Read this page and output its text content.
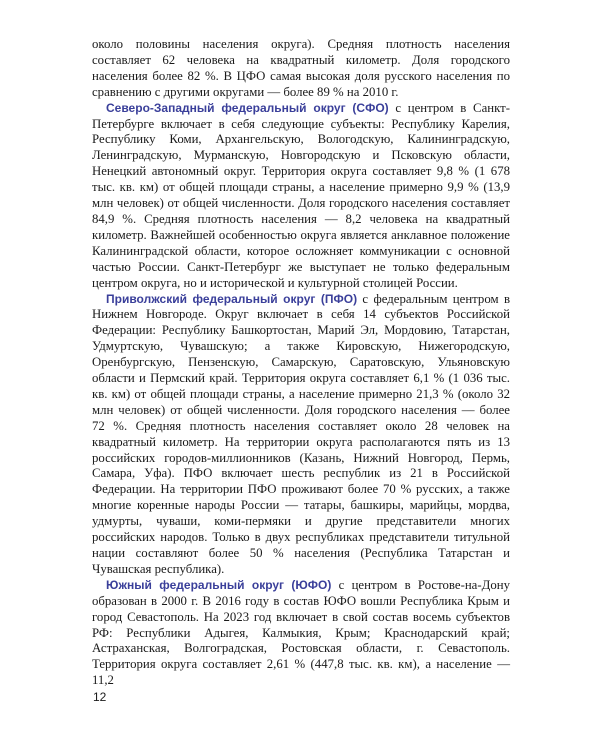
около половины населения округа). Средняя плотность населения составляет 62 человека на квадратный километр. Доля городского населения более 82 %. В ЦФО самая высокая доля русского населения по сравнению с другими округами — более 89 % на 2010 г.

Северо-Западный федеральный округ (СФО) с центром в Санкт-Петербурге включает в себя следующие субъекты: Республику Карелия, Республику Коми, Архангельскую, Вологодскую, Калининградскую, Ленинградскую, Мурманскую, Новгородскую и Псковскую области, Ненецкий автономный округ. Территория округа составляет 9,8 % (1 678 тыс. кв. км) от общей площади страны, а население примерно 9,9 % (13,9 млн человек) от общей численности. Доля городского населения составляет 84,9 %. Средняя плотность населения — 8,2 человека на квадратный километр. Важнейшей особенностью округа является анклавное положение Калининградской области, которое осложняет коммуникации с основной частью России. Санкт-Петербург же выступает не только федеральным центром округа, но и исторической и культурной столицей России.

Приволжский федеральный округ (ПФО) с федеральным центром в Нижнем Новгороде. Округ включает в себя 14 субъектов Российской Федерации: Республику Башкортостан, Марий Эл, Мордовию, Татарстан, Удмуртскую, Чувашскую; а также Кировскую, Нижегородскую, Оренбургскую, Пензенскую, Самарскую, Саратовскую, Ульяновскую области и Пермский край. Территория округа составляет 6,1 % (1 036 тыс. кв. км) от общей площади страны, а население примерно 21,3 % (около 32 млн человек) от общей численности. Доля городского населения — более 72 %. Средняя плотность населения составляет около 28 человек на квадратный километр. На территории округа располагаются пять из 13 российских городов-миллионников (Казань, Нижний Новгород, Пермь, Самара, Уфа). ПФО включает шесть республик из 21 в Российской Федерации. На территории ПФО проживают более 70 % русских, а также многие коренные народы России — татары, башкиры, марийцы, мордва, удмурты, чуваши, коми-пермяки и другие представители многих российских народов. Только в двух республиках представители титульной нации составляют более 50 % населения (Республика Татарстан и Чувашская республика).

Южный федеральный округ (ЮФО) с центром в Ростове-на-Дону образован в 2000 г. В 2016 году в состав ЮФО вошли Республика Крым и город Севастополь. На 2023 год включает в свой состав восемь субъектов РФ: Республики Адыгея, Калмыкия, Крым; Краснодарский край; Астраханская, Волгоградская, Ростовская области, г. Севастополь. Территория округа составляет 2,61 % (447,8 тыс. кв. км), а население — 11,2

12
